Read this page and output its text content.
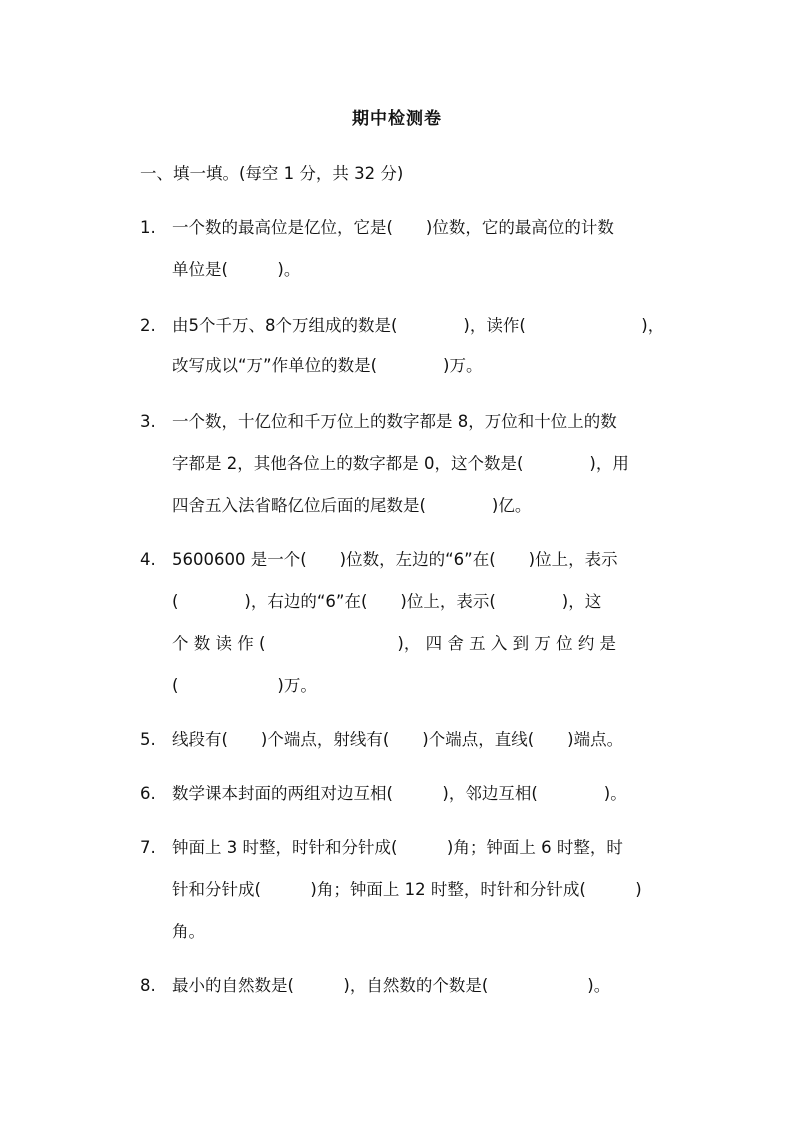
期中检测卷
一、填一填。(每空 1 分，共 32 分)
1. 一个数的最高位是亿位，它是(　　)位数，它的最高位的计数
单位是(　　　)。
2. 由5个千万、8个万组成的数是(　　　　)，读作(　　　　　　　)，
改写成以“万”作单位的数是(　　　　)万。
3. 一个数，十亿位和千万位上的数字都是 8，万位和十位上的数
字都是 2，其他各位上的数字都是 0，这个数是(　　　　)，用
四舍五入法省略亿位后面的尾数是(　　　　)亿。
4. 5600600 是一个(　　)位数，左边的“6”在(　　)位上，表示
(　　　　)，右边的“6”在(　　)位上，表示(　　　　)，这
个 数 读 作 (　　　　　　　　)， 四 舍 五 入 到 万 位 约 是
(　　　　　　)万。
5. 线段有(　　)个端点，射线有(　　)个端点，直线(　　)端点。
6. 数学课本封面的两组对边互相(　　　)，邻边互相(　　　　)。
7. 钟面上 3 时整，时针和分针成(　　　)角；钟面上 6 时整，时
针和分针成(　　　)角；钟面上 12 时整，时针和分针成(　　　)
角。
8. 最小的自然数是(　　　)，自然数的个数是(　　　　　　)。
